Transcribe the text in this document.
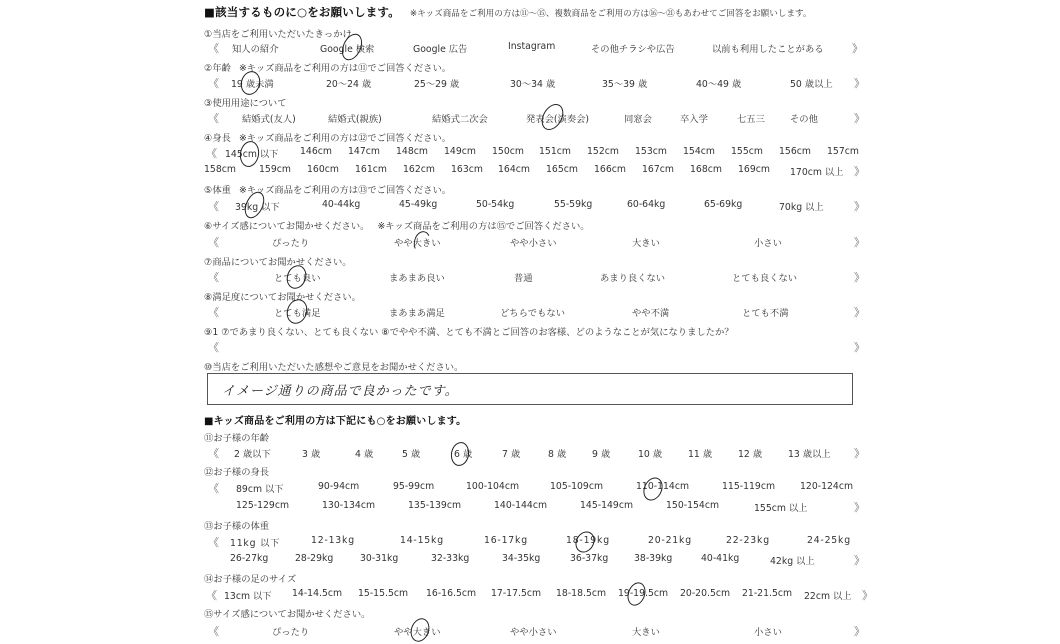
■該当するものに○をお願いします。 ※キッズ商品をご利用の方は⑪〜⑮、複数商品をご利用の方は⑯〜㉑もあわせてご回答をお願いします。
①当店をご利用いただいたきっかけ
《 知人の紹介	Google 検索	Google 広告	Instagram	その他チラシや広告	以前も利用したことがある	》
②年齢 ※キッズ商品をご利用の方は⑪でご回答ください。
《 19 歳未満	20〜24 歳	25〜29 歳	30〜34 歳	35〜39 歳	40〜49 歳	50 歳以上 》
③使用用途について
《 結婚式(友人)	結婚式(親族)	結婚式二次会	発表会(演奏会)	同窓会	卒入学	七五三	その他	》
④身長 ※キッズ商品をご利用の方は⑫でご回答ください。
《 145cm 以下 146cm 147cm 148cm 149cm 150cm 151cm 152cm 153cm 154cm 155cm 156cm 157cm
158cm 159cm 160cm 161cm 162cm 163cm 164cm 165cm 166cm 167cm 168cm 169cm 170cm 以上 》
⑤体重 ※キッズ商品をご利用の方は⑬でご回答ください。
《 39kg 以下	40-44kg	45-49kg	50-54kg	55-59kg	60-64kg	65-69kg	70kg 以上	》
⑥サイズ感についてお聞かせください。 ※キッズ商品をご利用の方は⑮でご回答ください。
《	ぴったり	やや大きい	やや小さい	大きい	小さい	》
⑦商品についてお聞かせください。
《	とても良い	まあまあ良い	普通	あまり良くない	とても良くない	》
⑧満足度についてお聞かせください。
《	とても満足	まあまあ満足	どちらでもない	やや不満	とても不満	》
⑨1 ⑦であまり良くない、とても良くない ⑧でやや不満、とても不満とご回答のお客様、どのようなことが気になりましたか？
《	》
⑩当店をご利用いただいた感想やご意見をお聞かせください。
イメージ通りの商品で良かったです。
■キッズ商品をご利用の方は下記にも○をお願いします。
⑪お子様の年齢
《 2 歳以下	3 歳	4 歳	5 歳	6 歳	7 歳	8 歳	9 歳	10 歳	11 歳	12 歳	13 歳以上 》
⑫お子様の身長
《 89cm 以下	90-94cm	95-99cm	100-104cm	105-109cm	110-114cm	115-119cm	120-124cm
125-129cm	130-134cm	135-139cm	140-144cm	145-149cm	150-154cm	155cm 以上	》
⑬お子様の体重
《 11kg 以下	12-13kg	14-15kg	16-17kg	18-19kg	20-21kg	22-23kg	24-25kg
26-27kg	28-29kg	30-31kg	32-33kg	34-35kg	36-37kg	38-39kg	40-41kg	42kg 以上	》
⑭お子様の足のサイズ
《 13cm 以下 14-14.5cm 15-15.5cm 16-16.5cm 17-17.5cm 18-18.5cm 19-19.5cm 20-20.5cm 21-21.5cm 22cm 以上 》
⑮サイズ感についてお聞かせください。
《	ぴったり	やや大きい	やや小さい	大きい	小さい	》
